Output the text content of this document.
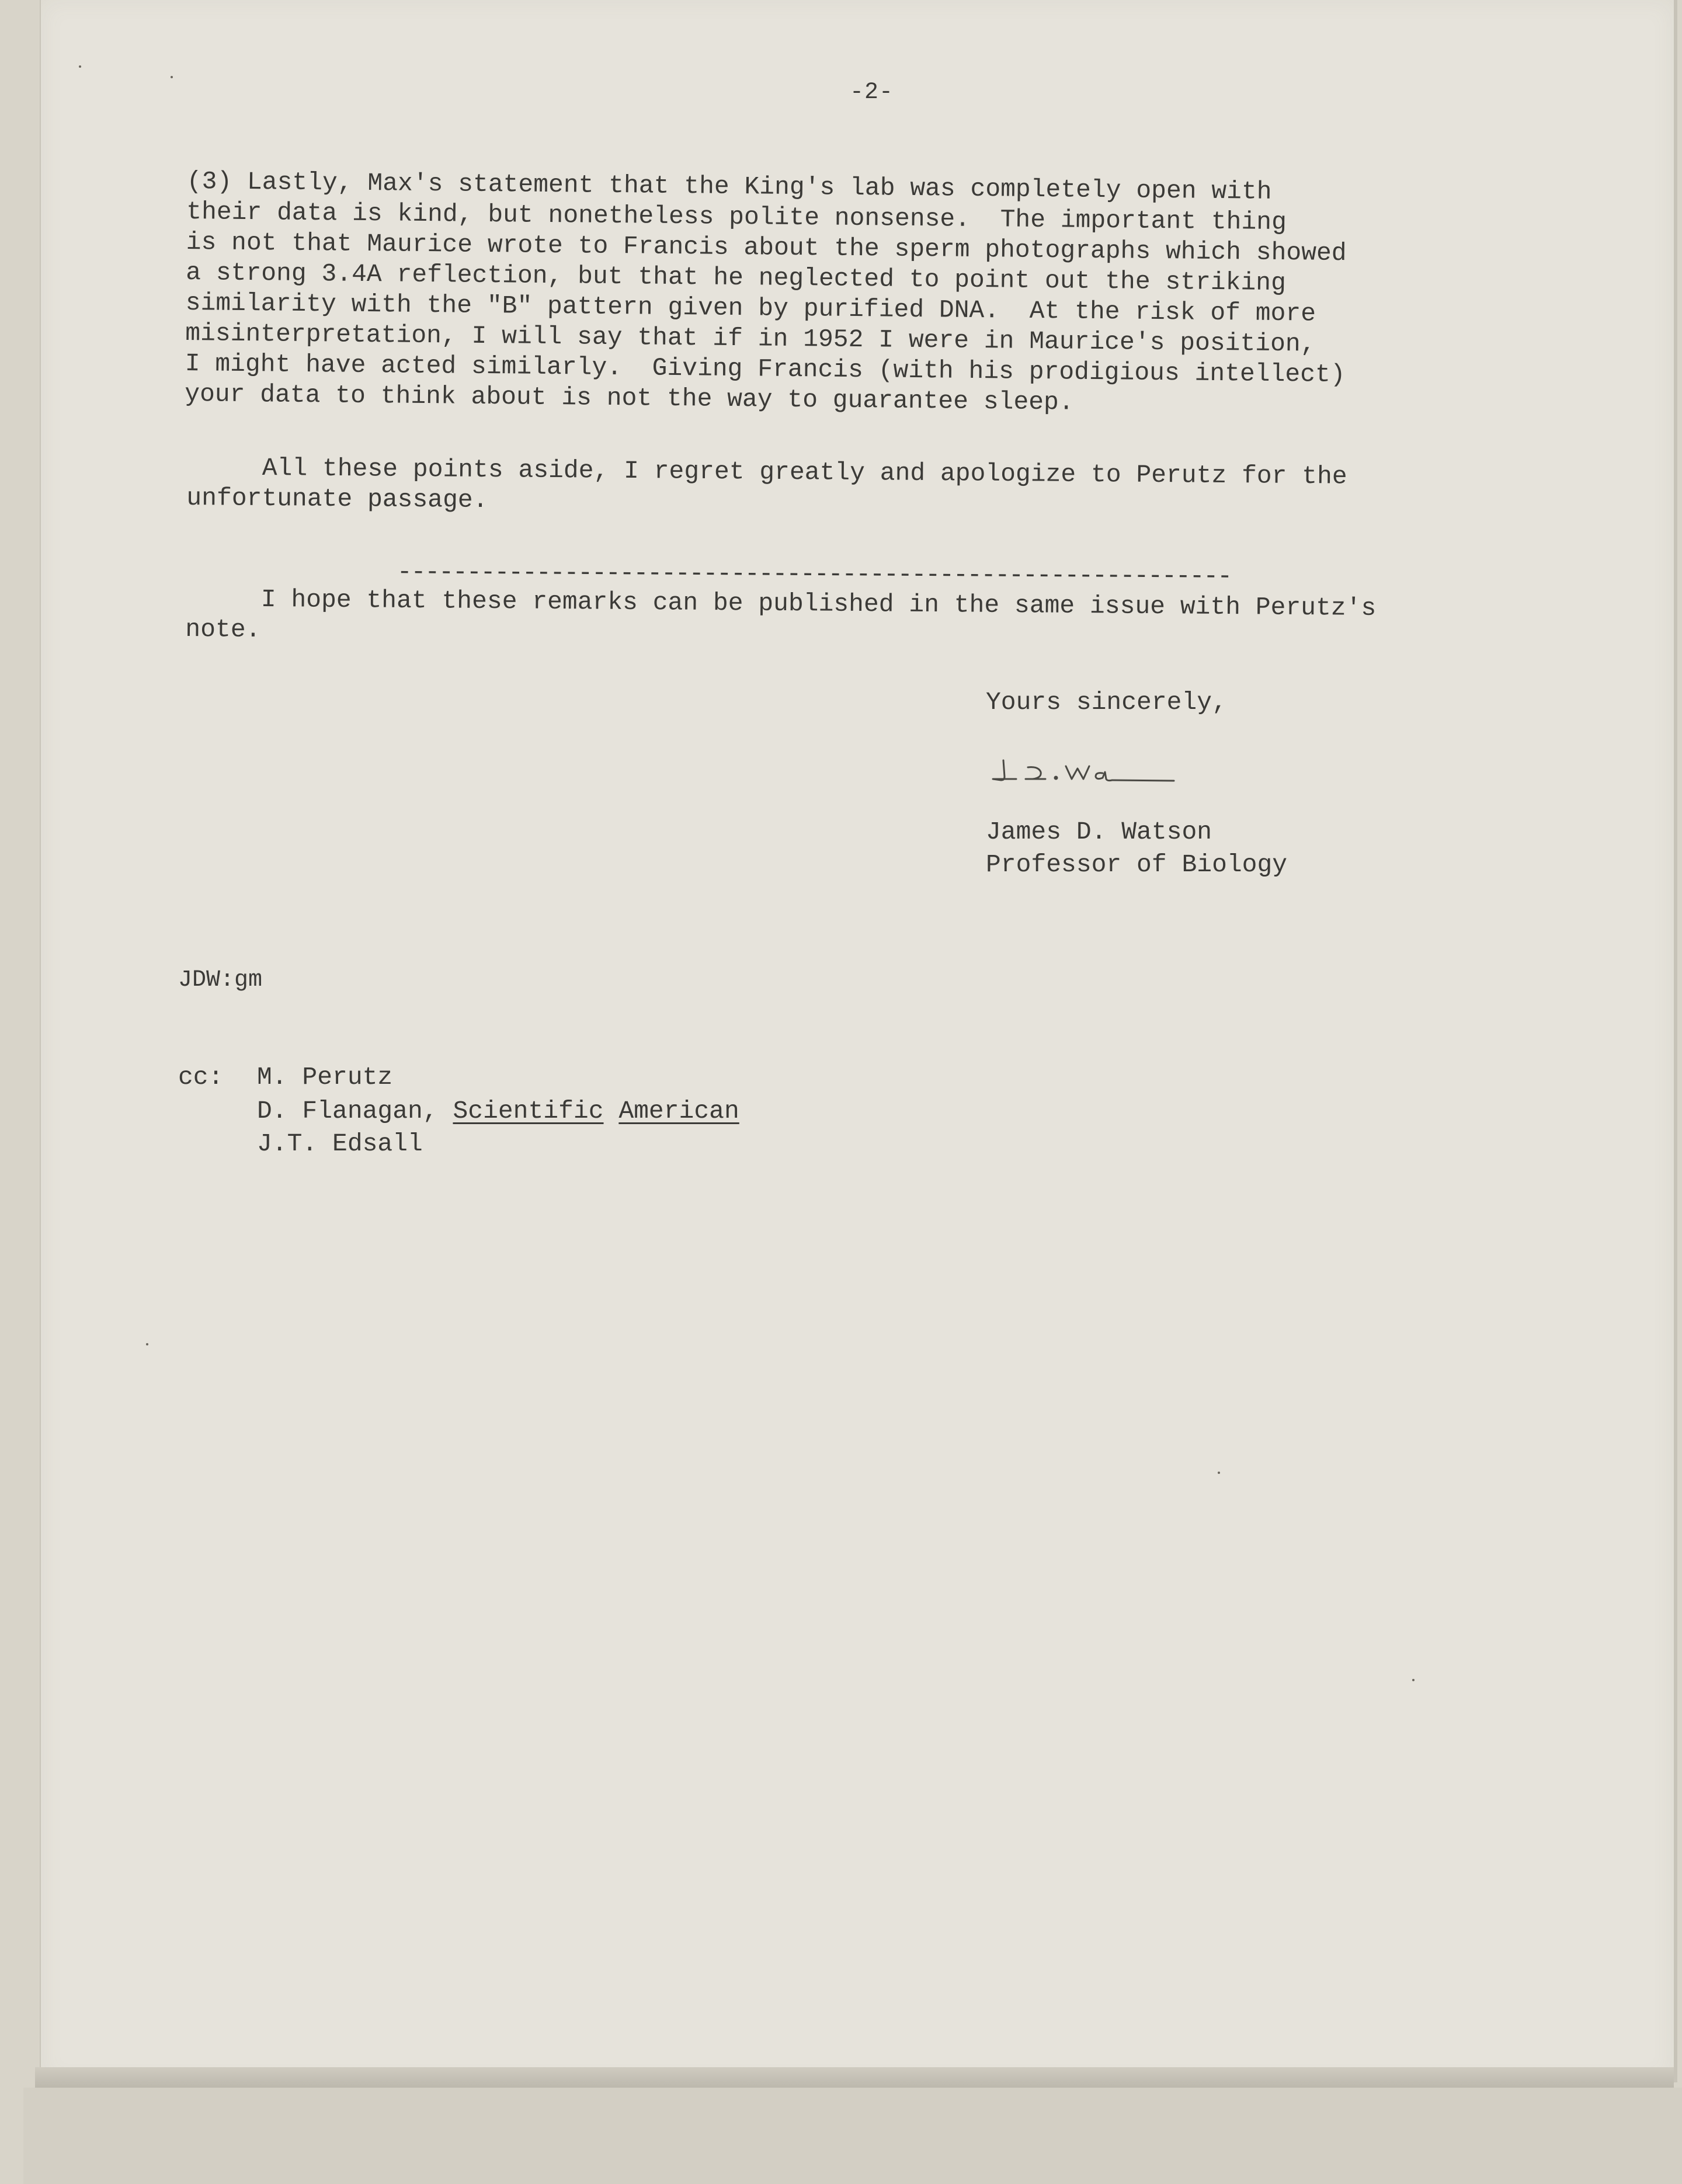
-2-
(3) Lastly, Max's statement that the King's lab was completely open with
their data is kind, but nonetheless polite nonsense.  The important thing
is not that Maurice wrote to Francis about the sperm photographs which showed
a strong 3.4A reflection, but that he neglected to point out the striking
similarity with the "B" pattern given by purified DNA.  At the risk of more
misinterpretation, I will say that if in 1952 I were in Maurice's position,
I might have acted similarly.  Giving Francis (with his prodigious intellect)
your data to think about is not the way to guarantee sleep.
All these points aside, I regret greatly and apologize to Perutz for the
unfortunate passage.
------------------------------------------------------------
I hope that these remarks can be published in the same issue with Perutz's
note.
Yours sincerely,
James D. Watson
Professor of Biology
JDW:gm
cc: M. Perutz
D. Flanagan, Scientific American
J.T. Edsall
